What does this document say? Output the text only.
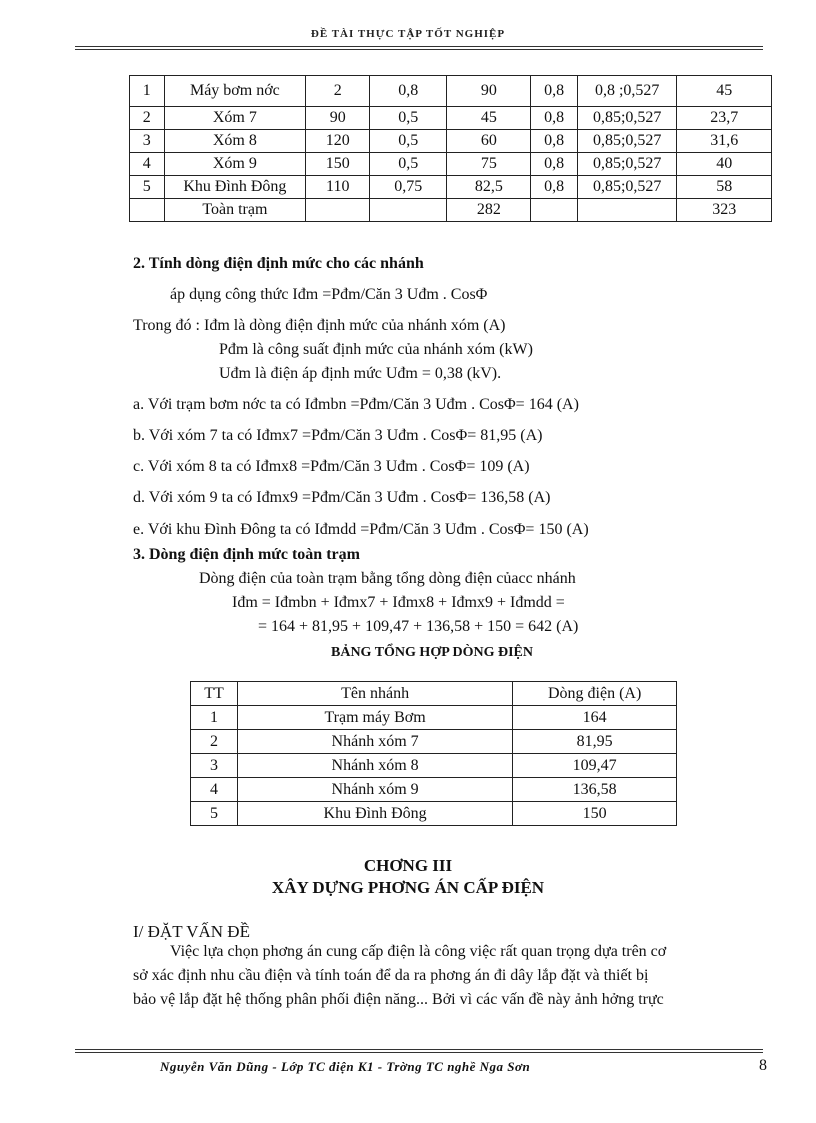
ĐỀ TÀI THỰC TẬP TỐT NGHIỆP
1	Máy bơm nớc	2	0,8	90	0,8	0,8 ;0,527	45
2	Xóm 7	90	0,5	45	0,8	0,85;0,527	23,7
3	Xóm 8	120	0,5	60	0,8	0,85;0,527	31,6
4	Xóm 9	150	0,5	75	0,8	0,85;0,527	40
5	Khu Đình Đông	110	0,75	82,5	0,8	0,85;0,527	58
	Toàn trạm			282			323
2. Tính dòng điện định mức cho các nhánh
áp dụng công thức Iđm =Pđm/Căn 3 Uđm . CosΦ
Trong đó : Iđm là dòng điện định mức của nhánh xóm (A)
Pđm là công suất định mức của nhánh xóm (kW)
Uđm là điện áp định mức Uđm = 0,38 (kV).
a. Với trạm bơm nớc ta có Iđmbn =Pđm/Căn 3 Uđm . CosΦ= 164 (A)
b. Với xóm 7 ta có Iđmx7 =Pđm/Căn 3 Uđm . CosΦ= 81,95 (A)
c. Với xóm 8 ta có Iđmx8 =Pđm/Căn 3 Uđm . CosΦ= 109 (A)
d. Với xóm 9 ta có Iđmx9 =Pđm/Căn 3 Uđm . CosΦ= 136,58 (A)
e. Với khu Đình Đông ta có Iđmdd =Pđm/Căn 3 Uđm . CosΦ= 150 (A)
3. Dòng điện định mức toàn trạm
Dòng điện của toàn trạm bằng tổng dòng điện củacc nhánh
Iđm = Iđmbn + Iđmx7 + Iđmx8 + Iđmx9 + Iđmdd =
= 164 + 81,95 + 109,47 + 136,58 + 150 = 642 (A)
BẢNG TỔNG HỢP DÒNG ĐIỆN
TT	Tên nhánh	Dòng điện (A)
1	Trạm máy Bơm	164
2	Nhánh xóm 7	81,95
3	Nhánh xóm 8	109,47
4	Nhánh xóm 9	136,58
5	Khu Đình Đông	150
CHƠNG III
XÂY DỰNG PHƠNG ÁN CẤP ĐIỆN
I/ ĐẶT VẤN ĐỀ
Việc lựa chọn phơng án cung cấp điện là công việc rất quan trọng dựa trên cơ
sở xác định nhu cầu điện và tính toán để da ra phơng án đi dây lắp đặt và thiết bị
bảo vệ lắp đặt hệ thống phân phối điện năng... Bởi vì các vấn đề này ảnh hởng trực
Nguyễn Văn Dũng - Lớp TC điện K1 - Trờng TC nghề Nga Sơn	8
